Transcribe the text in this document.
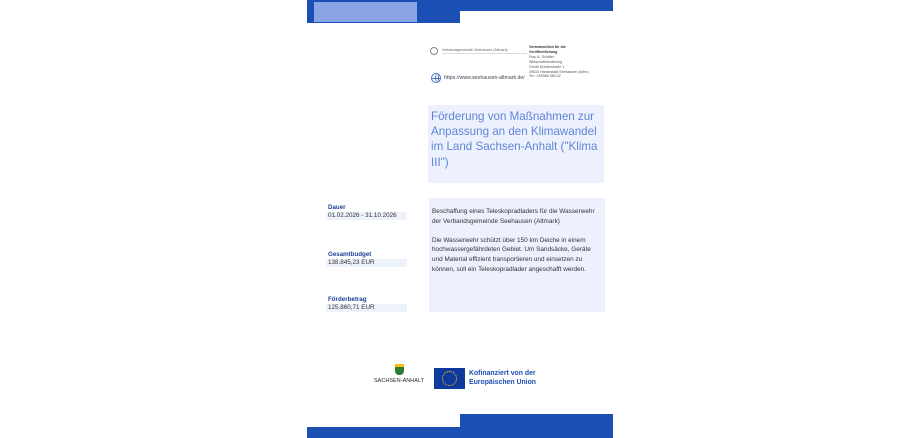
Verbandsgemeinde Seehausen (Altmark)
Verantwortlich für die Veröffentlichung
Frau A. Schäfer
Wirtschaftsförderung
Große Brüderstraße 1
39615 Hansestadt Seehausen (Altm.)
Tel.: 039386 380-32
https://www.seehausen-altmark.de/
Förderung von Maßnahmen zur Anpassung an den Klimawandel im Land Sachsen-Anhalt ("Klima III")
Dauer
01.02.2026 - 31.10.2026
Gesamtbudget
138.845,23 EUR
Förderbetrag
125.860,71 EUR

Beschaffung eines Teleskopradladers für die Wasserwehr der Verbandsgemeinde Seehausen (Altmark)

Die Wasserwehr schützt über 150 km Deiche in einem hochwassergefährdeten Gebiet. Um Sandsäcke, Geräte und Material effizient transportieren und einsetzen zu können, soll ein Teleskopradlader angeschafft werden.

SACHSEN-ANHALT
Kofinanziert von der
Europäischen Union
